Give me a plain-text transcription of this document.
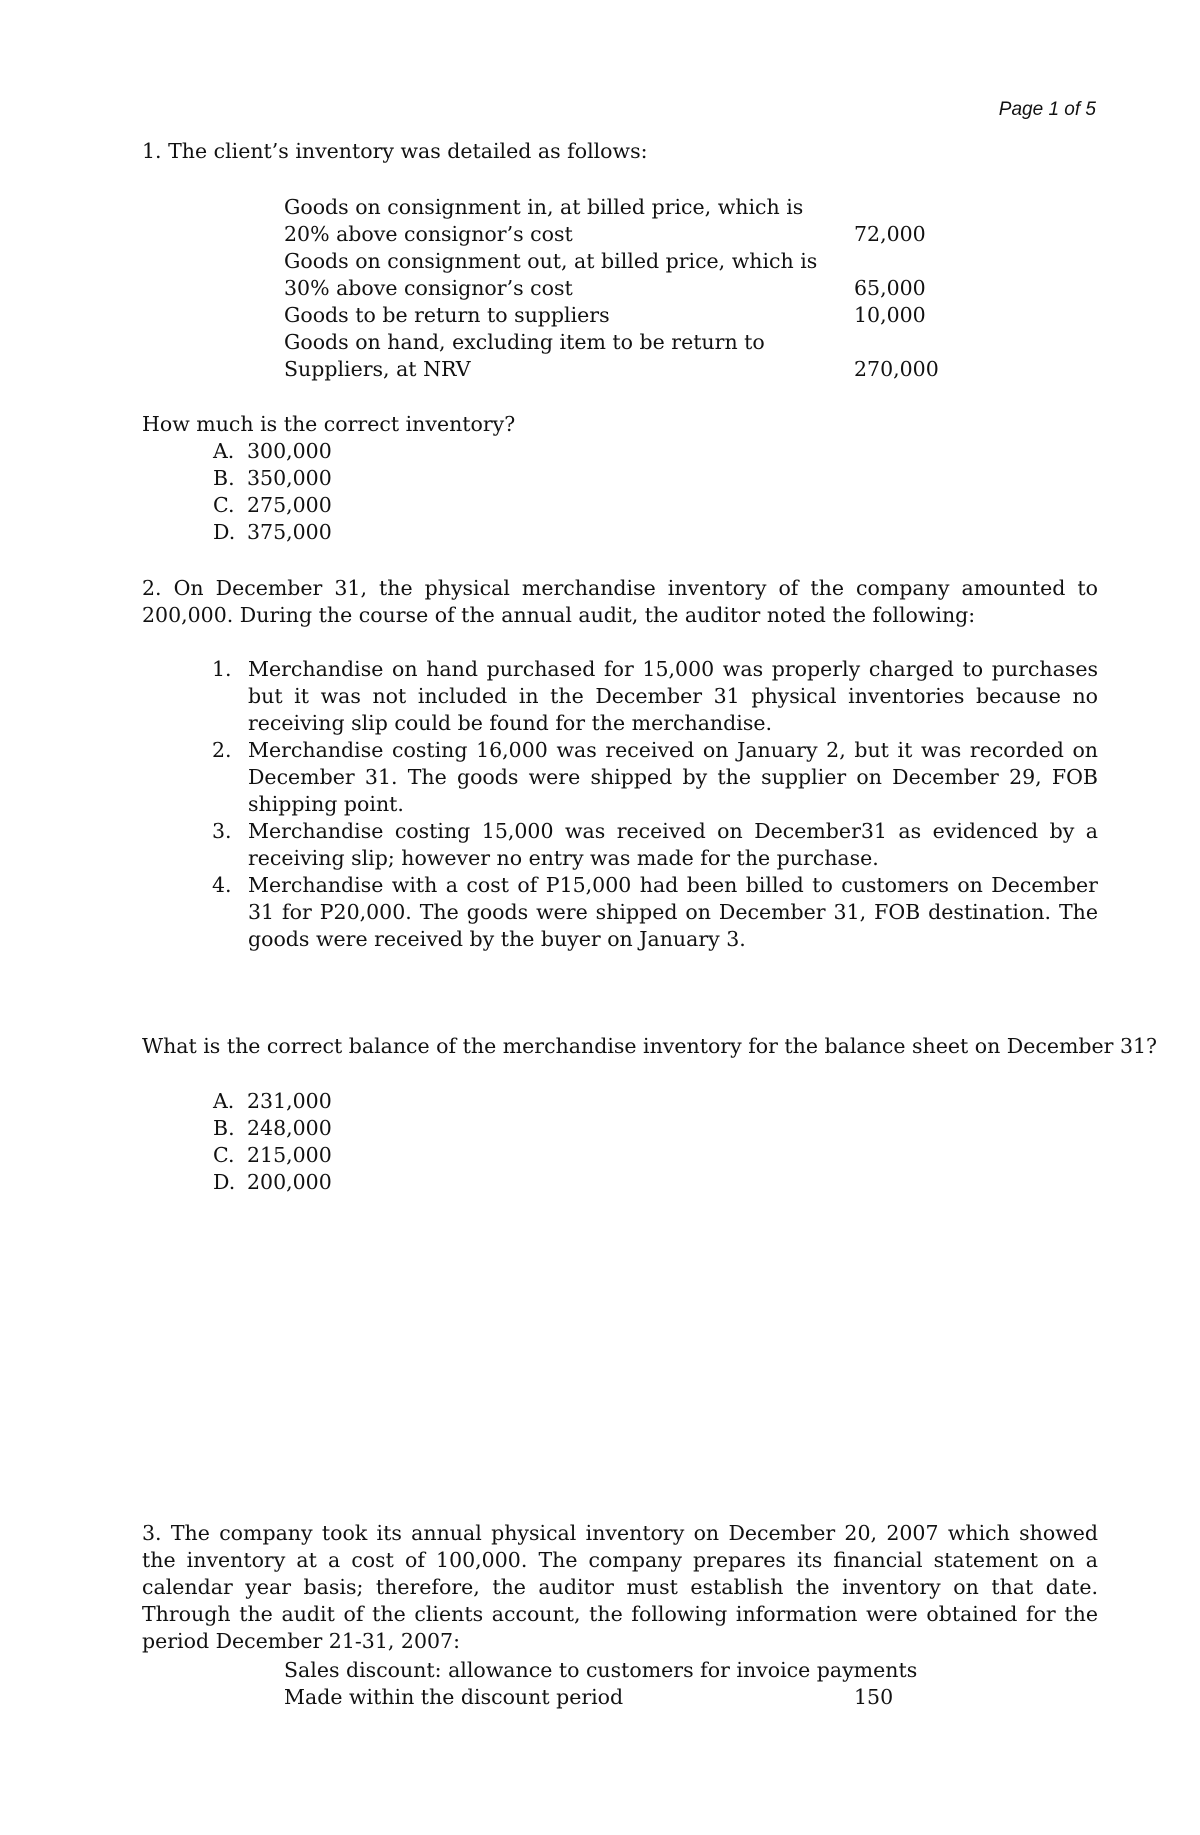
Page 1 of 5
1. The client’s inventory was detailed as follows:
Goods on consignment in, at billed price, which is
20% above consignor’s cost	72,000
Goods on consignment out, at billed price, which is
30% above consignor’s cost	65,000
Goods to be return to suppliers	10,000
Goods on hand, excluding item to be return to
Suppliers, at NRV	270,000
How much is the correct inventory?
A. 300,000
B. 350,000
C. 275,000
D. 375,000
2. On December 31, the physical merchandise inventory of the company amounted to 200,000. During the course of the annual audit, the auditor noted the following:
1. Merchandise on hand purchased for 15,000 was properly charged to purchases but it was not included in the December 31 physical inventories because no receiving slip could be found for the merchandise.
2. Merchandise costing 16,000 was received on January 2, but it was recorded on December 31. The goods were shipped by the supplier on December 29, FOB shipping point.
3. Merchandise costing 15,000 was received on December31 as evidenced by a receiving slip; however no entry was made for the purchase.
4. Merchandise with a cost of P15,000 had been billed to customers on December 31 for P20,000. The goods were shipped on December 31, FOB destination. The goods were received by the buyer on January 3.
What is the correct balance of the merchandise inventory for the balance sheet on December 31?
A. 231,000
B. 248,000
C. 215,000
D. 200,000
3. The company took its annual physical inventory on December 20, 2007 which showed the inventory at a cost of 100,000. The company prepares its financial statement on a calendar year basis; therefore, the auditor must establish the inventory on that date. Through the audit of the clients account, the following information were obtained for the period December 21-31, 2007:
Sales discount: allowance to customers for invoice payments
Made within the discount period	150
